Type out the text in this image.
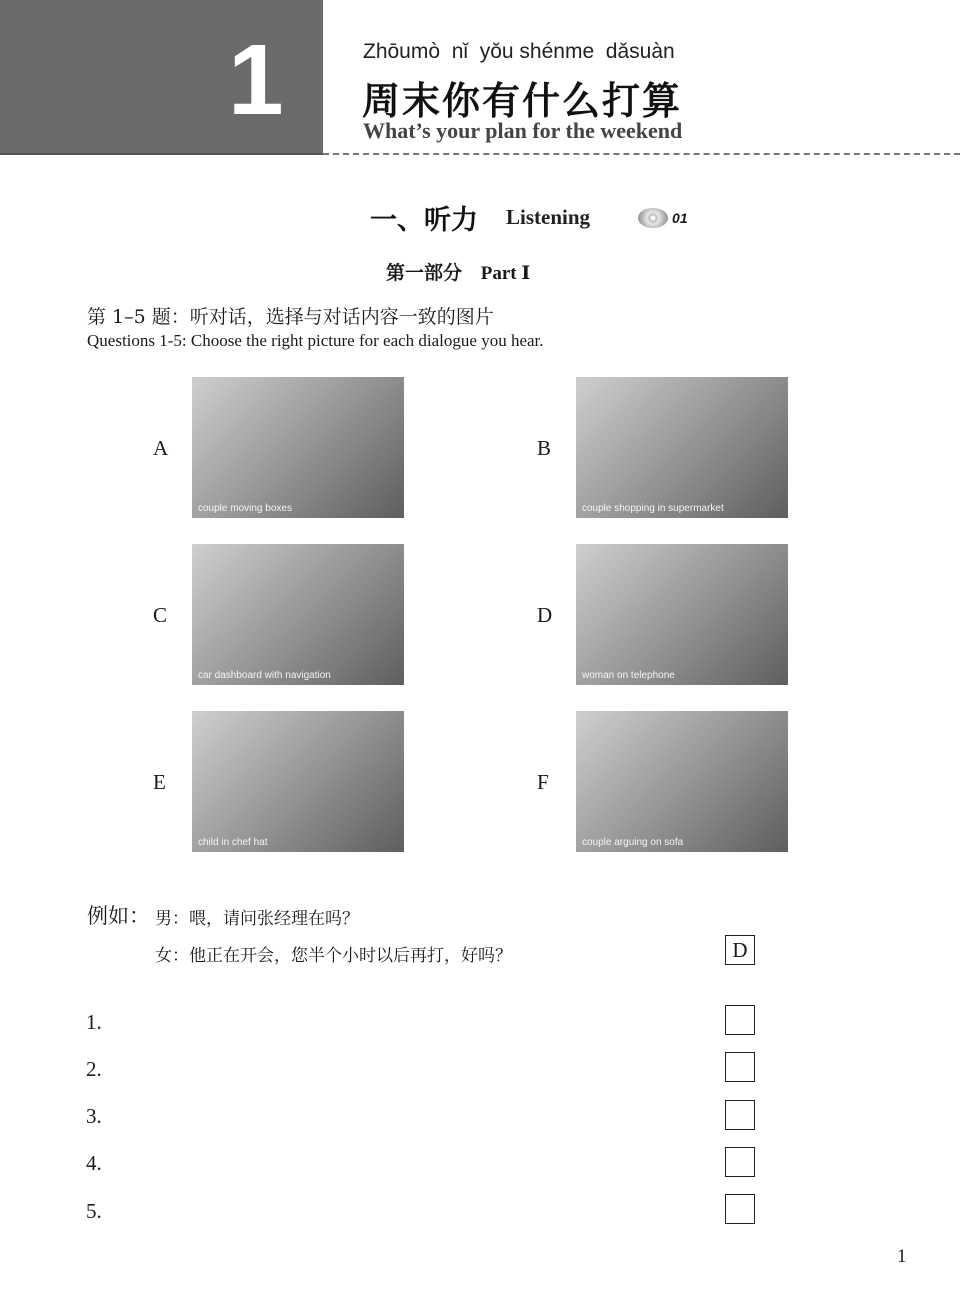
1	Zhōumò  nǐ  yǒu shénme  dǎsuàn
周末你有什么打算
What’s your plan for the weekend
一、听力 Listening	01
第一部分 Part Ⅰ
第 1–5 题：听对话，选择与对话内容一致的图片
Questions 1-5: Choose the right picture for each dialogue you hear.
A
couple moving boxes
B
couple shopping in supermarket
C
car dashboard with navigation
D
woman on telephone
E
child in chef hat
F
couple arguing on sofa
例如： 男：喂，请问张经理在吗？
女：他正在开会，您半个小时以后再打，好吗？	D
1.
2.
3.
4.
5.
1
